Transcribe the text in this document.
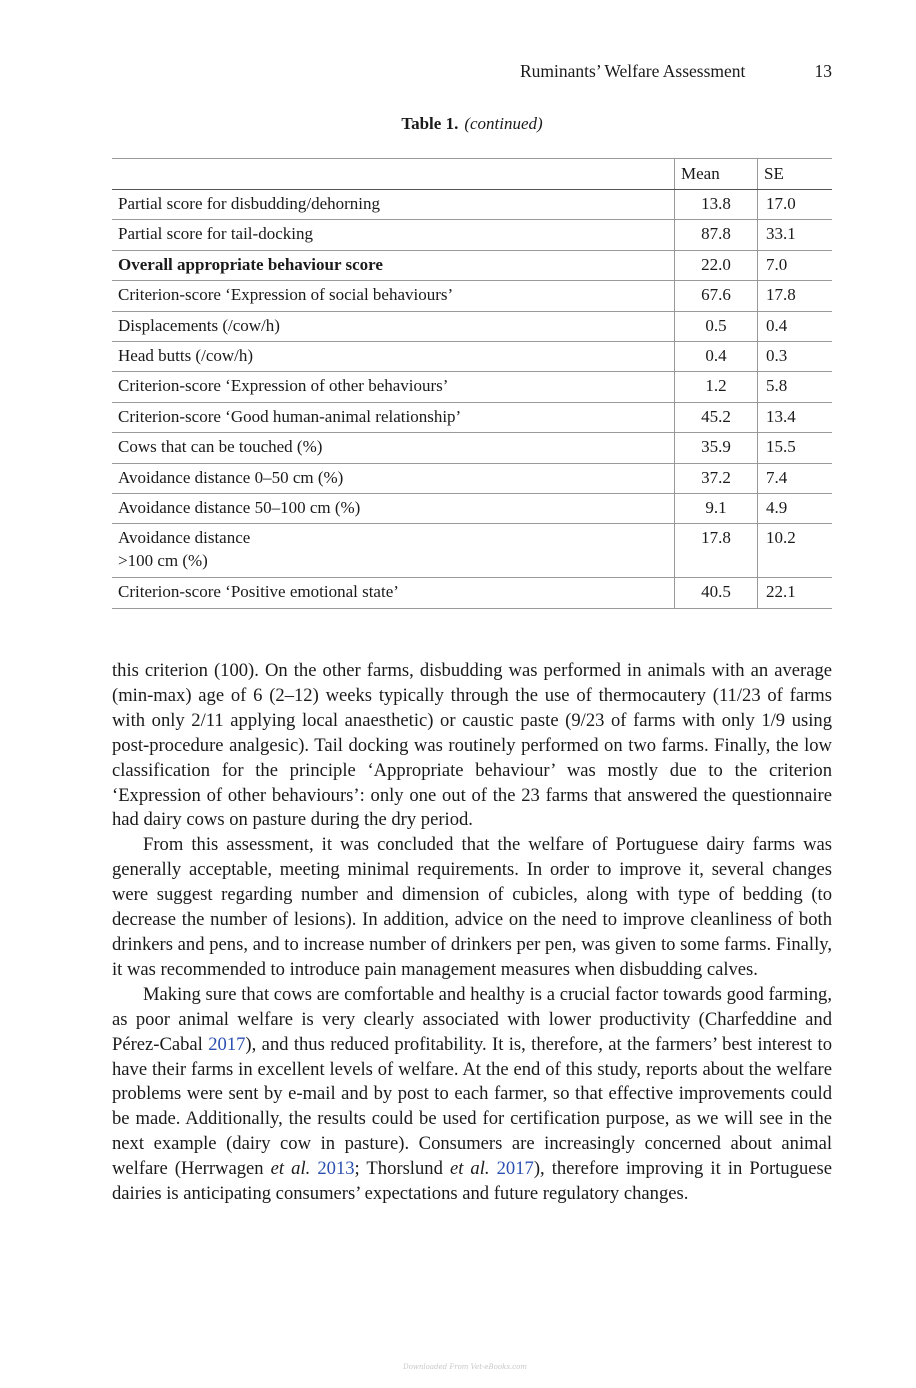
Ruminants’ Welfare Assessment	13
Table 1. (continued)
	Mean	SE
Partial score for disbudding/dehorning	13.8	17.0
Partial score for tail-docking	87.8	33.1
Overall appropriate behaviour score	22.0	7.0
Criterion-score ‘Expression of social behaviours’	67.6	17.8
Displacements (/cow/h)	0.5	0.4
Head butts (/cow/h)	0.4	0.3
Criterion-score ‘Expression of other behaviours’	1.2	5.8
Criterion-score ‘Good human-animal relationship’	45.2	13.4
Cows that can be touched (%)	35.9	15.5
Avoidance distance 0–50 cm (%)	37.2	7.4
Avoidance distance 50–100 cm (%)	9.1	4.9

Avoidance distance
>100 cm (%)	17.8	10.2
Criterion-score ‘Positive emotional state’	40.5	22.1

this criterion (100). On the other farms, disbudding was performed in animals with an average (min-max) age of 6 (2–12) weeks typically through the use of thermocautery (11/23 of farms with only 2/11 applying local anaesthetic) or caustic paste (9/23 of farms with only 1/9 using post-procedure analgesic). Tail docking was routinely performed on two farms. Finally, the low classification for the principle ‘Appropriate behaviour’ was mostly due to the criterion ‘Expression of other behaviours’: only one out of the 23 farms that answered the questionnaire had dairy cows on pasture during the dry period.

From this assessment, it was concluded that the welfare of Portuguese dairy farms was generally acceptable, meeting minimal requirements. In order to improve it, several changes were suggest regarding number and dimension of cubicles, along with type of bedding (to decrease the number of lesions). In addition, advice on the need to improve cleanliness of both drinkers and pens, and to increase number of drinkers per pen, was given to some farms. Finally, it was recommended to introduce pain management measures when disbudding calves.

Making sure that cows are comfortable and healthy is a crucial factor towards good farming, as poor animal welfare is very clearly associated with lower productivity (Charfeddine and Pérez-Cabal 2017), and thus reduced profitability. It is, therefore, at the farmers’ best interest to have their farms in excellent levels of welfare. At the end of this study, reports about the welfare problems were sent by e-mail and by post to each farmer, so that effective improvements could be made. Additionally, the results could be used for certification purpose, as we will see in the next example (dairy cow in pasture). Consumers are increasingly concerned about animal welfare (Herrwagen et al. 2013; Thorslund et al. 2017), therefore improving it in Portuguese dairies is anticipating consumers’ expectations and future regulatory changes.

Downloaded From Vet-eBooks.com
